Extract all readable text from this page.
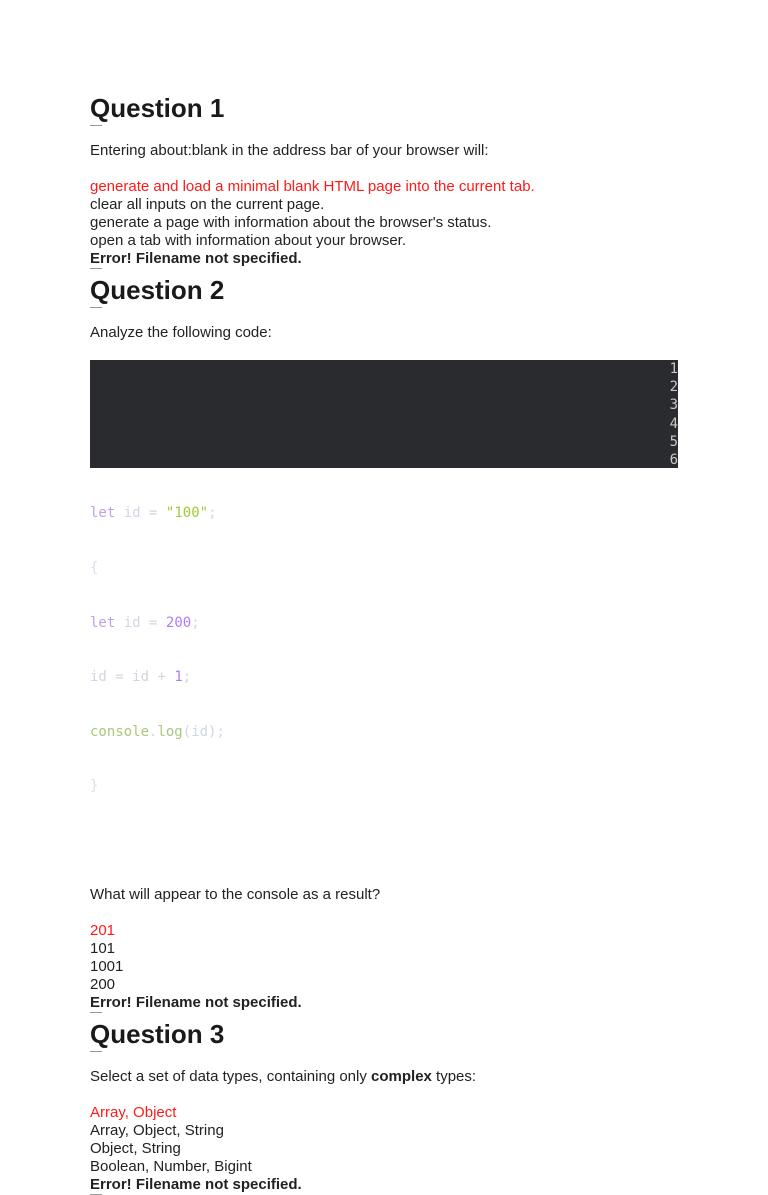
Question 1

Entering about:blank in the address bar of your browser will:

generate and load a minimal blank HTML page into the current tab.
clear all inputs on the current page.
generate a page with information about the browser's status.
open a tab with information about your browser.

Error! Filename not specified.

Question 2

Analyze the following code:

1
2
3
4
5
6

let id = "100";

{

let id = 200;

id = id + 1;

console.log(id);

}

What will appear to the console as a result?

201
101
1001
200

Error! Filename not specified.

Question 3

Select a set of data types, containing only complex types:

Array, Object
Array, Object, String
Object, String
Boolean, Number, Bigint

Error! Filename not specified.
